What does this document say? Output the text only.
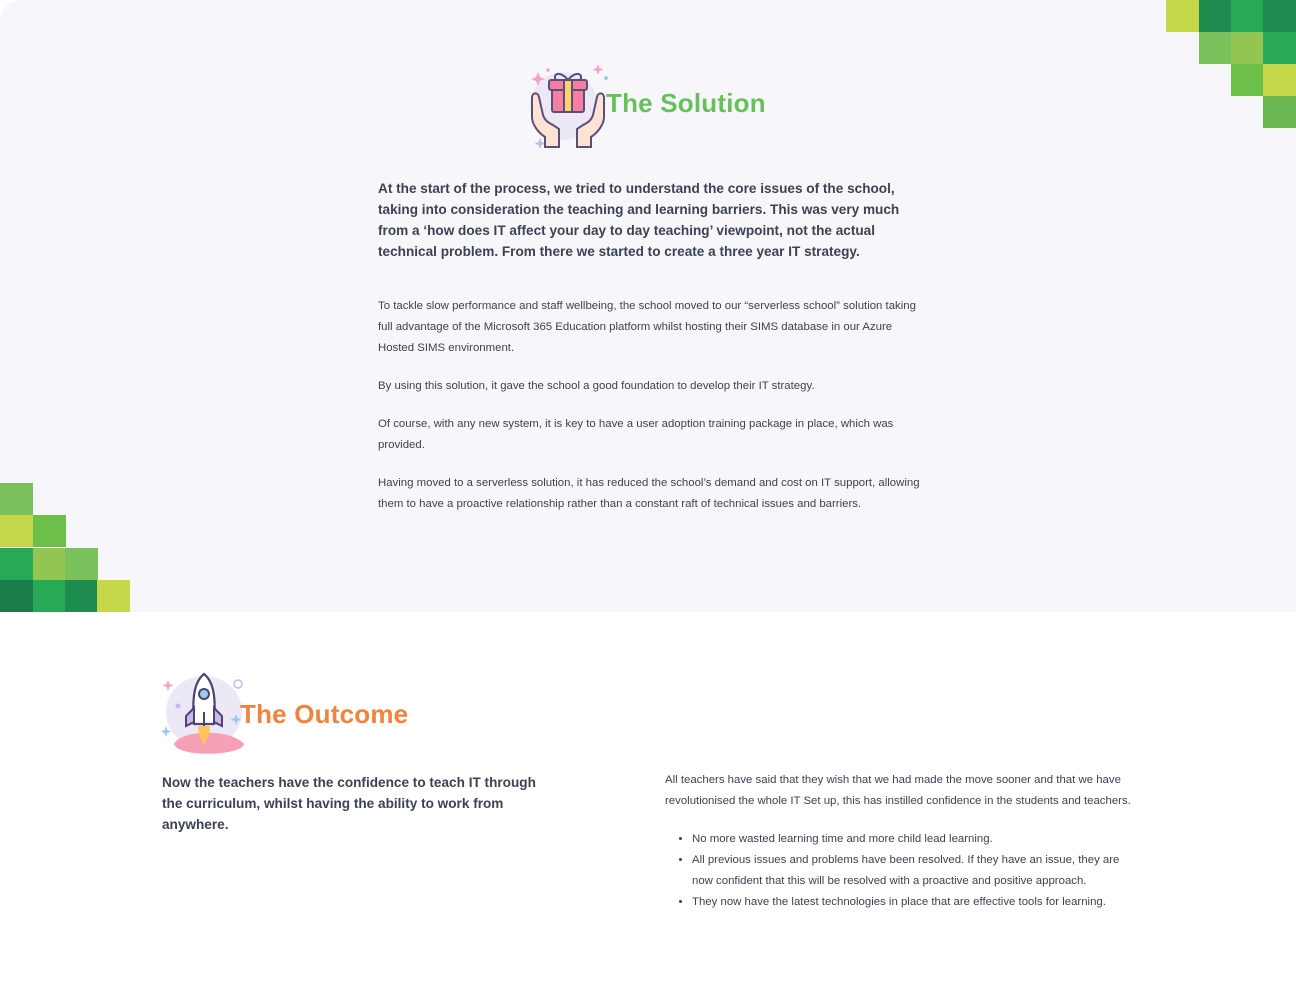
The Solution

At the start of the process, we tried to understand the core issues of the school, taking into consideration the teaching and learning barriers. This was very much from a ‘how does IT affect your day to day teaching’ viewpoint, not the actual technical problem. From there we started to create a three year IT strategy.

To tackle slow performance and staff wellbeing, the school moved to our “serverless school” solution taking full advantage of the Microsoft 365 Education platform whilst hosting their SIMS database in our Azure Hosted SIMS environment.

By using this solution, it gave the school a good foundation to develop their IT strategy.

Of course, with any new system, it is key to have a user adoption training package in place, which was provided.

Having moved to a serverless solution, it has reduced the school’s demand and cost on IT support, allowing them to have a proactive relationship rather than a constant raft of technical issues and barriers.

The Outcome

Now the teachers have the confidence to teach IT through the curriculum, whilst having the ability to work from anywhere.

All teachers have said that they wish that we had made the move sooner and that we have revolutionised the whole IT Set up, this has instilled confidence in the students and teachers.

• No more wasted learning time and more child lead learning.
• All previous issues and problems have been resolved. If they have an issue, they are now confident that this will be resolved with a proactive and positive approach.
• They now have the latest technologies in place that are effective tools for learning.
